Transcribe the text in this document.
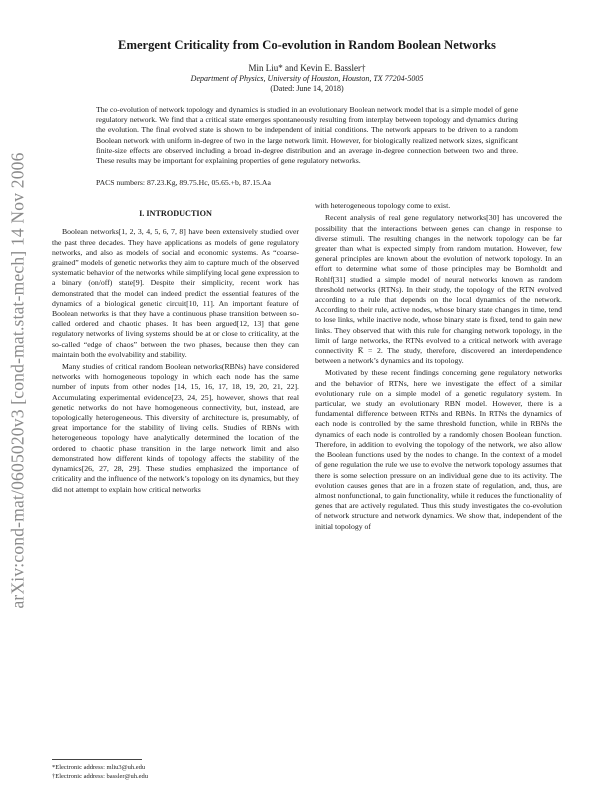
arXiv:cond-mat/0605020v3 [cond-mat.stat-mech] 14 Nov 2006
Emergent Criticality from Co-evolution in Random Boolean Networks

Min Liu* and Kevin E. Bassler†

Department of Physics, University of Houston, Houston, TX 77204-5005

(Dated: June 14, 2018)

The co-evolution of network topology and dynamics is studied in an evolutionary Boolean network model that is a simple model of gene regulatory network. We find that a critical state emerges spontaneously resulting from interplay between topology and dynamics during the evolution. The final evolved state is shown to be independent of initial conditions. The network appears to be driven to a random Boolean network with uniform in-degree of two in the large network limit. However, for biologically realized network sizes, significant finite-size effects are observed including a broad in-degree distribution and an average in-degree connection between two and three. These results may be important for explaining properties of gene regulatory networks.
PACS numbers: 87.23.Kg, 89.75.Hc, 05.65.+b, 87.15.Aa
I. INTRODUCTION

Boolean networks[1, 2, 3, 4, 5, 6, 7, 8] have been extensively studied over the past three decades. They have applications as models of gene regulatory networks, and also as models of social and economic systems. As “coarse-grained” models of genetic networks they aim to capture much of the observed systematic behavior of the networks while simplifying local gene expression to a binary (on/off) state[9]. Despite their simplicity, recent work has demonstrated that the model can indeed predict the essential features of the dynamics of a biological genetic circuit[10, 11]. An important feature of Boolean networks is that they have a continuous phase transition between so-called ordered and chaotic phases. It has been argued[12, 13] that gene regulatory networks of living systems should be at or close to criticality, at the so-called “edge of chaos” between the two phases, because then they can maintain both the evolvability and stability.

Many studies of critical random Boolean networks(RBNs) have considered networks with homogeneous topology in which each node has the same number of inputs from other nodes [14, 15, 16, 17, 18, 19, 20, 21, 22]. Accumulating experimental evidence[23, 24, 25], however, shows that real genetic networks do not have homogeneous connectivity, but, instead, are topologically heterogeneous. This diversity of architecture is, presumably, of great importance for the stability of living cells. Studies of RBNs with heterogeneous topology have analytically determined the location of the ordered to chaotic phase transition in the large network limit and also demonstrated how different kinds of topology affects the stability of the dynamics[26, 27, 28, 29]. These studies emphasized the importance of criticality and the influence of the network’s topology on its dynamics, but they did not attempt to explain how critical networks

*Electronic address: mliu3@uh.edu
†Electronic address: bassler@uh.edu

with heterogeneous topology come to exist.

Recent analysis of real gene regulatory networks[30] has uncovered the possibility that the interactions between genes can change in response to diverse stimuli. The resulting changes in the network topology can be far greater than what is expected simply from random mutation. However, few general principles are known about the evolution of network topology. In an effort to determine what some of those principles may be Bornholdt and Rohlf[31] studied a simple model of neural networks known as random threshold networks (RTNs). In their study, the topology of the RTN evolved according to a rule that depends on the local dynamics of the network. According to their rule, active nodes, whose binary state changes in time, tend to lose links, while inactive node, whose binary state is fixed, tend to gain new links. They observed that with this rule for changing network topology, in the limit of large networks, the RTNs evolved to a critical network with average connectivity K̅ = 2. The study, therefore, discovered an interdependence between a network’s dynamics and its topology.

Motivated by these recent findings concerning gene regulatory networks and the behavior of RTNs, here we investigate the effect of a similar evolutionary rule on a simple model of a genetic regulatory system. In particular, we study an evolutionary RBN model. However, there is a fundamental difference between RTNs and RBNs. In RTNs the dynamics of each node is controlled by the same threshold function, while in RBNs the dynamics of each node is controlled by a randomly chosen Boolean function. Therefore, in addition to evolving the topology of the network, we also allow the Boolean functions used by the nodes to change. In the context of a model of gene regulation the rule we use to evolve the network topology assumes that there is some selection pressure on an individual gene due to its activity. The evolution causes genes that are in a frozen state of regulation, and, thus, are almost nonfunctional, to gain functionality, while it reduces the functionality of genes that are actively regulated. Thus this study investigates the co-evolution of network structure and network dynamics. We show that, independent of the initial topology of
